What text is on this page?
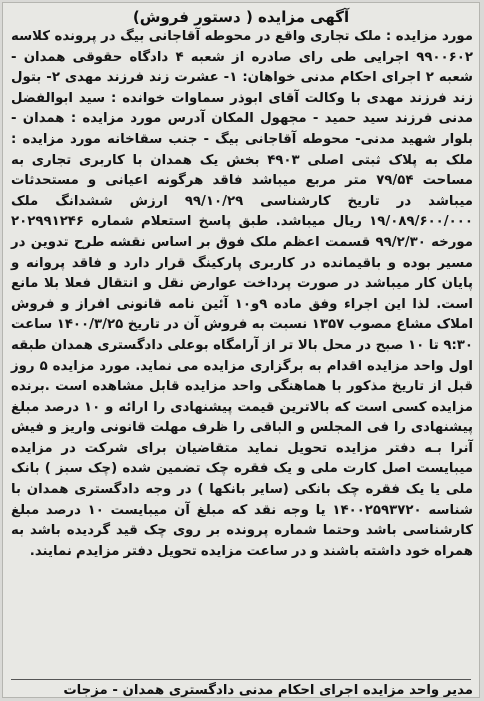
آگهی مزایده ( دستور فروش)

مورد مزایده : ملک تجاری واقع در محوطه آقاجانی بیگ در پرونده کلاسه ۹۹۰۰۶۰۲ اجرایی طی رای صادره از شعبه ۴ دادگاه حقوقی همدان - شعبه ۲ اجرای احکام مدنی خواهان: ۱- عشرت زند فرزند مهدی ۲- بتول زند فرزند مهدی با وکالت آقای ابوذر سماوات خوانده : سید ابوالفضل مدنی فرزند سید حمید - مجهول المکان آدرس مورد مزایده : همدان - بلوار شهید مدنی- محوطه آقاجانی بیگ - جنب سقاخانه مورد مزایده : ملک به پلاک ثبتی اصلی ۴۹۰۳ بخش یک همدان با کاربری تجاری به مساحت ۷۹/۵۴ متر مربع میباشد فاقد هرگونه اعیانی و مستحدثات میباشد در تاریخ کارشناسی ۹۹/۱۰/۲۹ ارزش ششدانگ ملک ۱۹/۰۸۹/۶۰۰/۰۰۰ ریال میباشد. طبق پاسخ استعلام شماره ۲۰۲۹۹۱۲۴۶ مورخه ۹۹/۲/۳۰ قسمت اعظم ملک فوق بر اساس نقشه طرح تدوین در مسیر بوده و باقیمانده در کاربری پارکینگ قرار دارد و فاقد پروانه و پایان کار میباشد در صورت پرداخت عوارض نقل و انتقال فعلا بلا مانع است. لذا این اجراء وفق ماده ۹و۱۰ آئین نامه قانونی افراز و فروش املاک مشاع مصوب ۱۳۵۷ نسبت به فروش آن در تاریخ ۱۴۰۰/۳/۲۵ ساعت ۹:۳۰ تا ۱۰ صبح در محل بالا تر از آرامگاه بوعلی دادگستری همدان طبقه اول واحد مزایده اقدام به برگزاری مزایده می نماید. مورد مزایده ۵ روز قبل از تاریخ مذکور با هماهنگی واحد مزایده قابل مشاهده است .برنده مزایده کسی است که بالاترین قیمت پیشنهادی را ارائه و ۱۰ درصد مبلغ پیشنهادی را فی المجلس و الباقی را ظرف مهلت قانونی واریز و فیش آنرا بـه دفتر مزایده تحویل نماید متقاضیان برای شرکت در مزایده میبایست اصل کارت ملی و یک فقره چک تضمین شده (چک سبز ) بانک ملی یا یک فقره چک بانکی (سایر بانکها ) در وجه دادگستری همدان با شناسه ۱۴۰۰۲۵۹۳۷۲۰ یا وجه نقد که مبلغ آن میبایست ۱۰ درصد مبلغ کارشناسی باشد وحتما شماره پرونده بر روی چک قید گردیده باشد به همراه خود داشته باشند و در ساعت مزایده تحویل دفتر مزایدم نمایند.

مدیر واحد مزایده اجرای احکام مدنی دادگستری همدان - مزجات
